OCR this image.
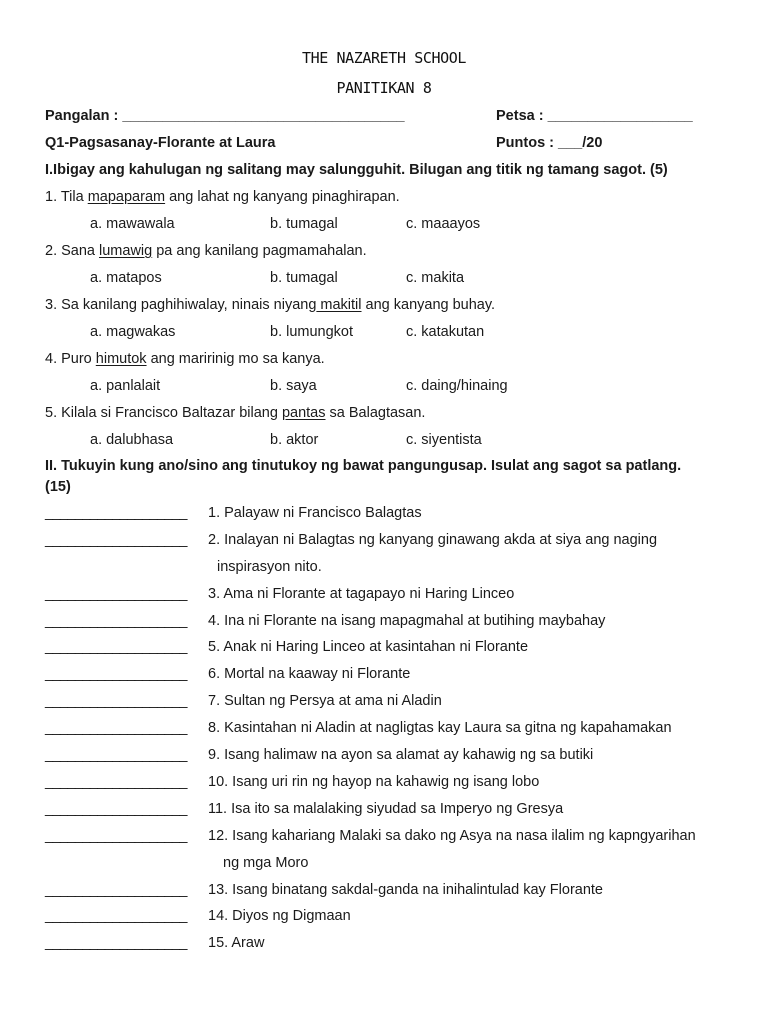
THE NAZARETH SCHOOL
PANITIKAN 8
Pangalan : ___________________________________	Petsa : __________________
Q1-Pagsasanay-Florante at Laura	Puntos : ___/20
I.Ibigay ang kahulugan ng salitang may salungguhit. Bilugan ang titik ng tamang sagot. (5)
1. Tila mapaparam ang lahat ng kanyang pinaghirapan.
a. mawawala	b. tumagal	c. maaayos
2. Sana lumawig pa ang kanilang pagmamahalan.
a. matapos	b. tumagal	c. makita
3. Sa kanilang paghihiwalay, ninais niyang makitil ang kanyang buhay.
a. magwakas	b. lumungkot	c. katakutan
4. Puro himutok ang maririnig mo sa kanya.
a. panlalait	b. saya	c. daing/hinaing
5. Kilala si Francisco Baltazar bilang pantas sa Balagtasan.
a. dalubhasa	b. aktor	c. siyentista
II. Tukuyin kung ano/sino ang tinutukoy ng bawat pangungusap. Isulat ang sagot sa patlang.
(15)
___________________ 1. Palayaw ni Francisco Balagtas
___________________ 2. Inalayan ni Balagtas ng kanyang ginawang akda at siya ang naging
inspirasyon nito.
___________________ 3. Ama ni Florante at tagapayo ni Haring Linceo
___________________ 4. Ina ni Florante na isang mapagmahal at butihing maybahay
___________________ 5. Anak ni Haring Linceo at kasintahan ni Florante
___________________ 6. Mortal na kaaway ni Florante
___________________ 7. Sultan ng Persya at ama ni Aladin
___________________ 8. Kasintahan ni Aladin at nagligtas kay Laura sa gitna ng kapahamakan
___________________ 9. Isang halimaw na ayon sa alamat ay kahawig ng sa butiki
___________________ 10. Isang uri rin ng hayop na kahawig ng isang lobo
___________________ 11. Isa ito sa malalaking siyudad sa Imperyo ng Gresya
___________________ 12. Isang kahariang Malaki sa dako ng Asya na nasa ilalim ng kapngyarihan
ng mga Moro
___________________ 13. Isang binatang sakdal-ganda na inihalintulad kay Florante
___________________ 14. Diyos ng Digmaan
___________________ 15. Araw
